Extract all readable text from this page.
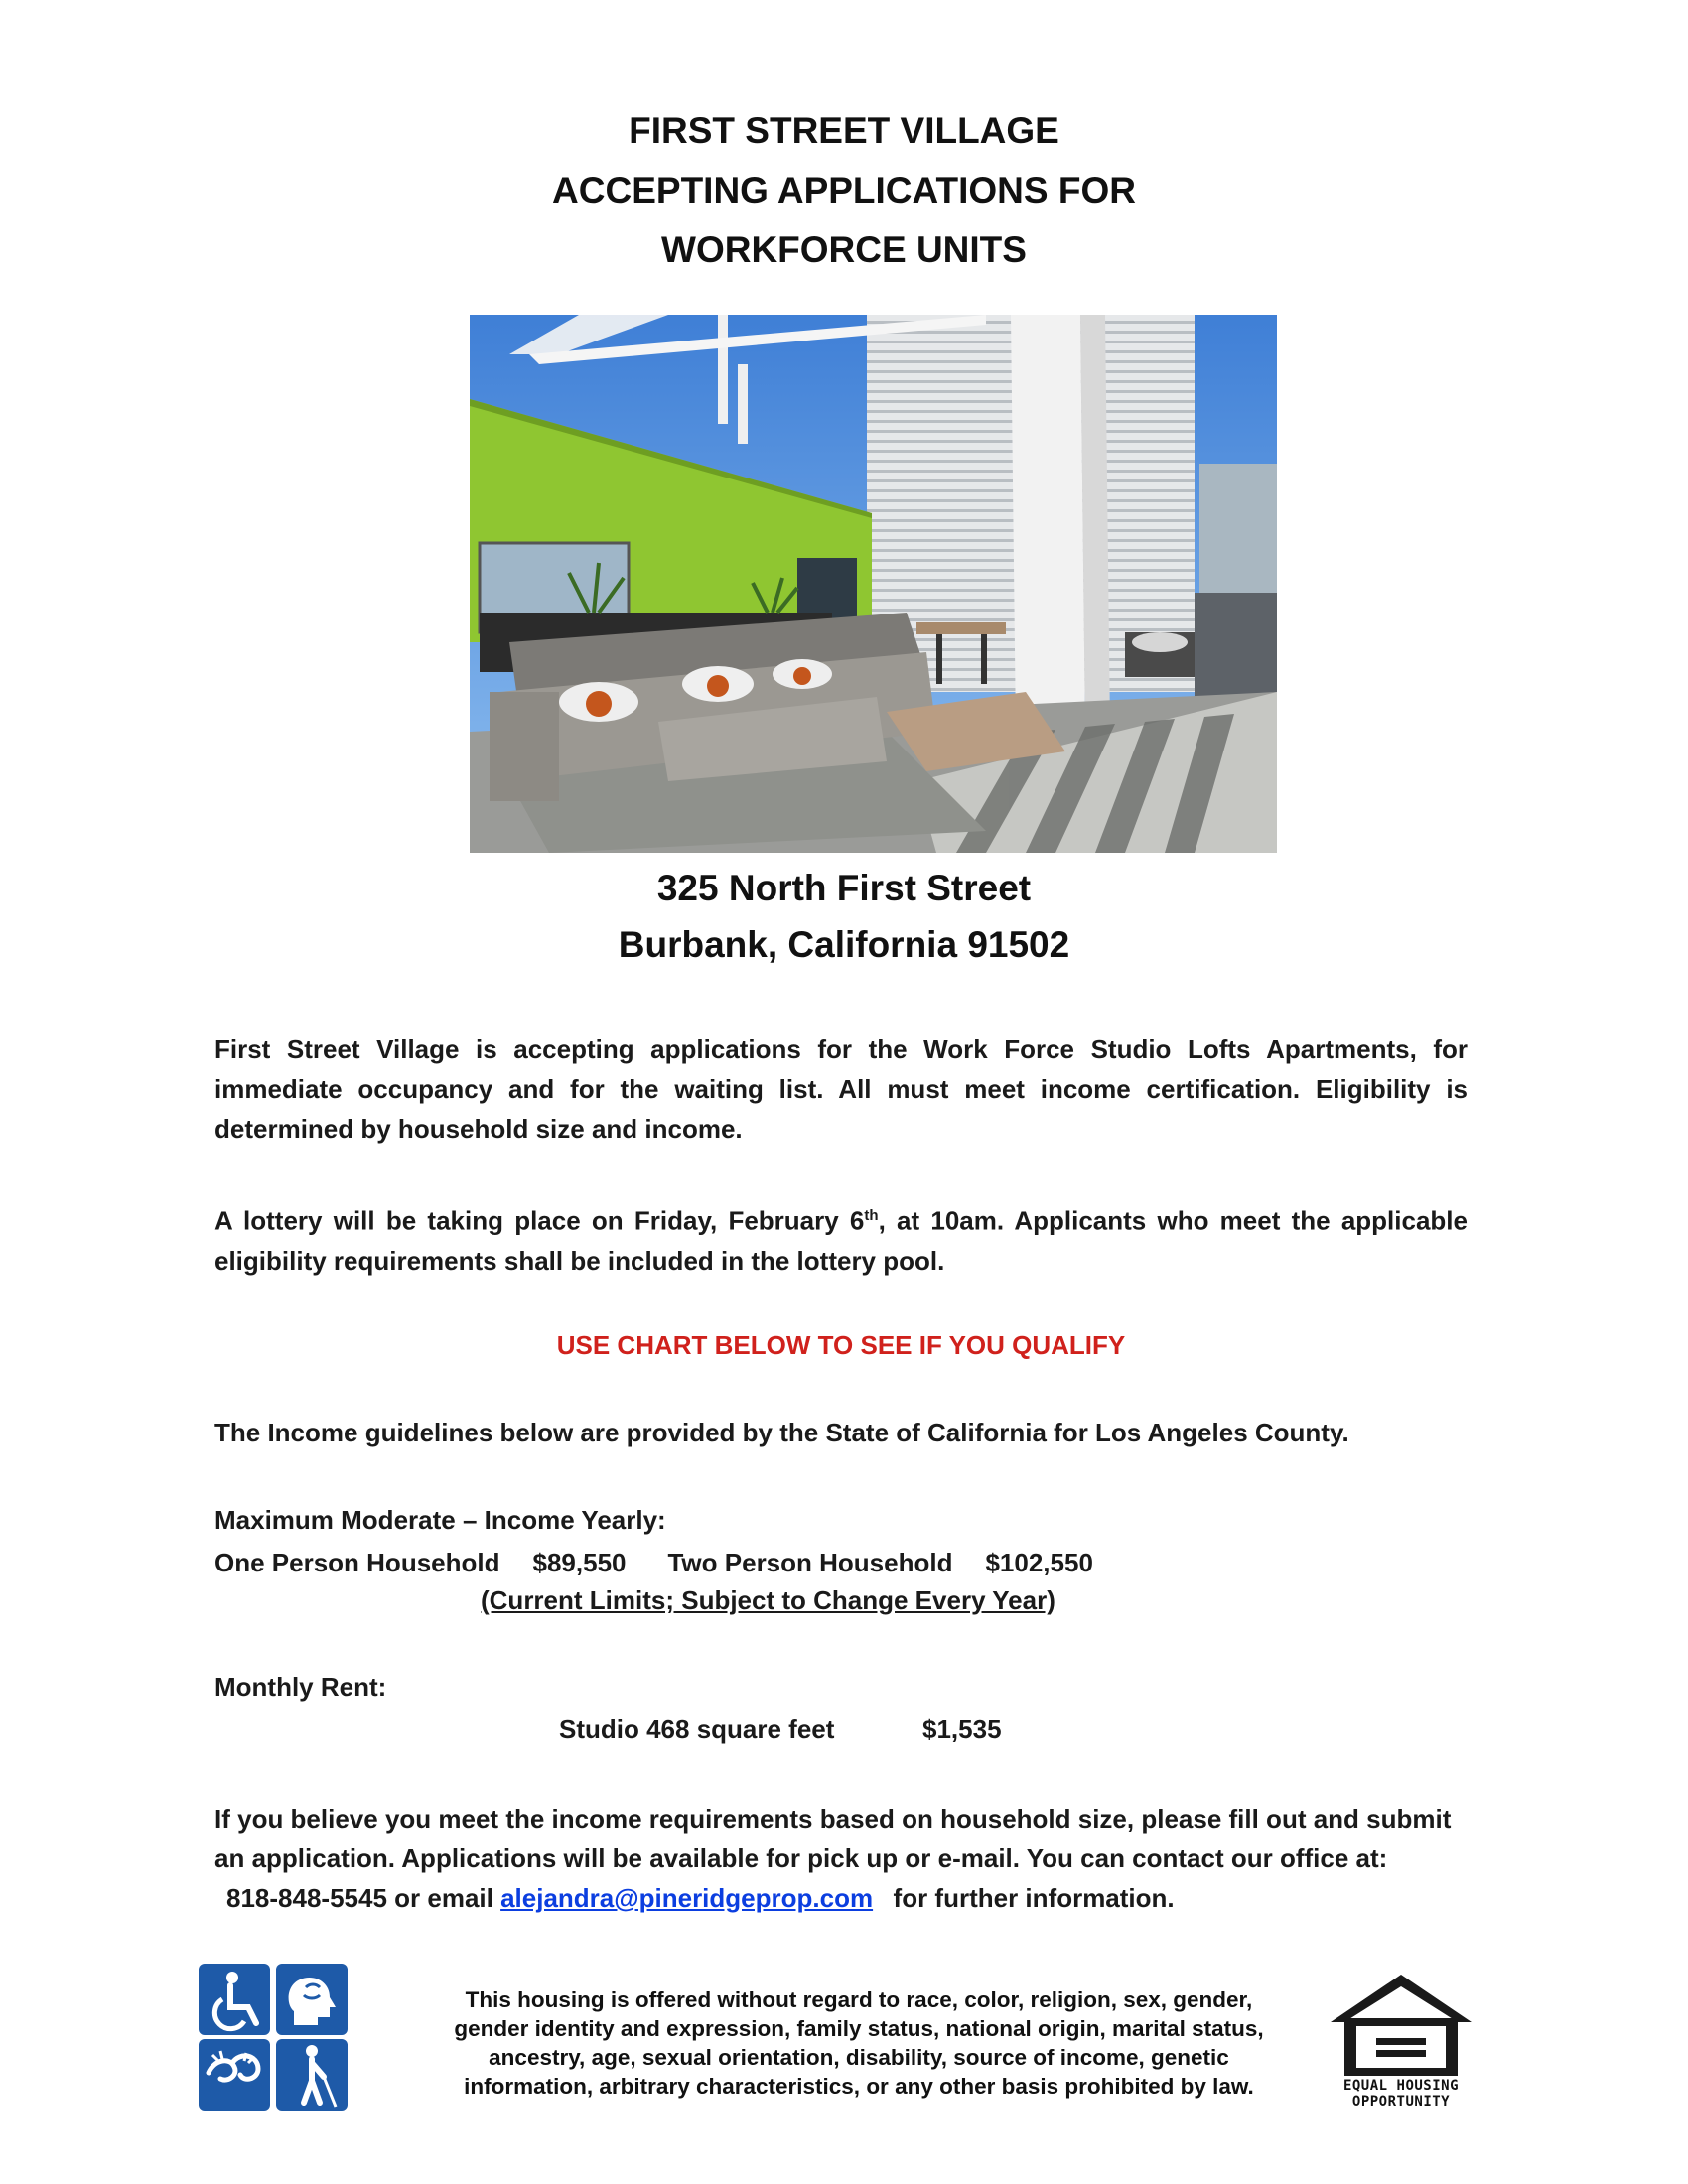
FIRST STREET VILLAGE
ACCEPTING APPLICATIONS FOR
WORKFORCE UNITS
325 North First Street
Burbank, California 91502
First Street Village is accepting applications for the Work Force Studio Lofts Apartments, for immediate occupancy and for the waiting list. All must meet income certification. Eligibility is determined by household size and income.
A lottery will be taking place on Friday, February 6th, at 10am. Applicants who meet the applicable eligibility requirements shall be included in the lottery pool.
USE CHART BELOW TO SEE IF YOU QUALIFY
The Income guidelines below are provided by the State of California for Los Angeles County.
Maximum Moderate – Income Yearly:
One Person Household $89,550 Two Person Household $102,550
(Current Limits; Subject to Change Every Year)
Monthly Rent:
Studio 468 square feet	$1,535
If you believe you meet the income requirements based on household size, please fill out and submit
an application. Applications will be available for pick up or e-mail. You can contact our office at:
818-848-5545 or email alejandra@pineridgeprop.com for further information.
This housing is offered without regard to race, color, religion, sex, gender,
gender identity and expression, family status, national origin, marital status,
ancestry, age, sexual orientation, disability, source of income, genetic
information, arbitrary characteristics, or any other basis prohibited by law.	EQUAL HOUSING
OPPORTUNITY
